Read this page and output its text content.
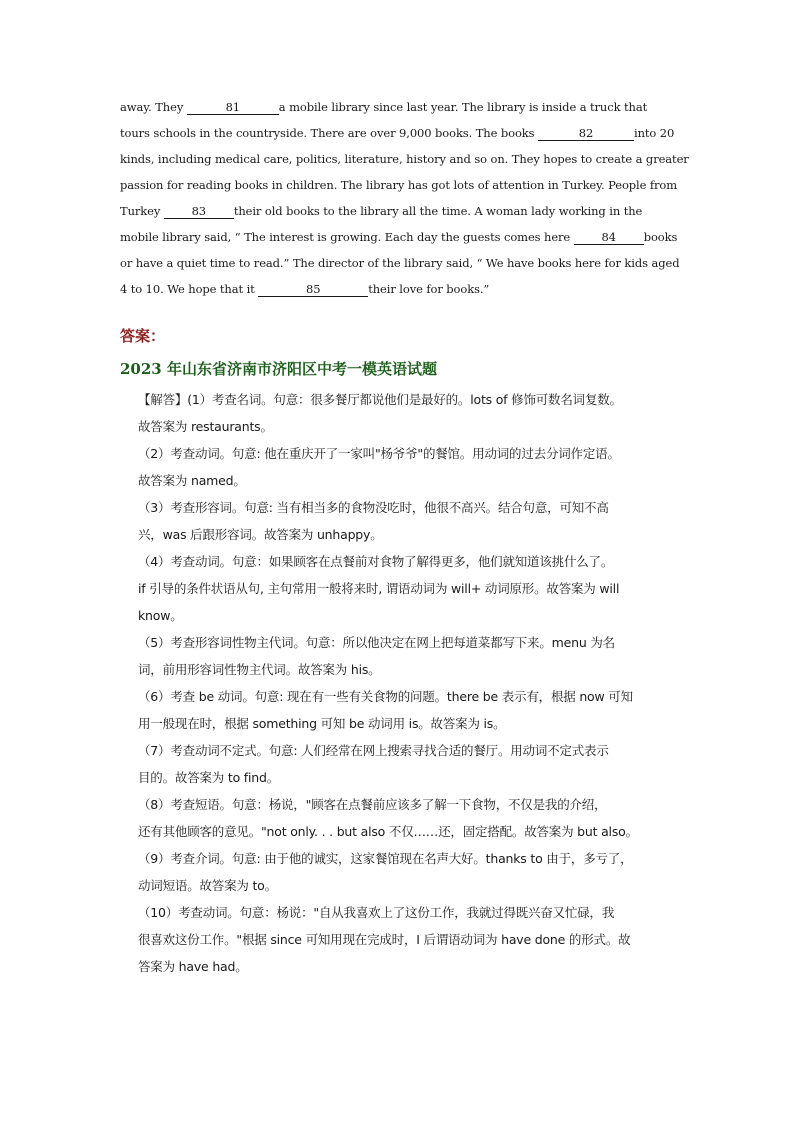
away. They	81	a mobile library since last year. The library is inside a truck that
tours schools in the countryside. There are over 9,000 books. The books	82	into 20
kinds, including medical care, politics, literature, history and so on. They hopes to create a greater
passion for reading books in children. The library has got lots of attention in Turkey. People from
Turkey 83 their old books to the library all the time. A woman lady working in the
mobile library said, “ The interest is growing. Each day the guests comes here 84 books
or have a quiet time to read.” The director of the library said, “ We have books here for kids aged
4 to 10. We hope that it	85	their love for books.”
答案：
2023 年山东省济南市济阳区中考一模英语试题
【解答】(1）考查名词。句意：很多餐厅都说他们是最好的。lots of 修饰可数名词复数。
故答案为 restaurants。
（2）考查动词。句意: 他在重庆开了一家叫"杨爷爷"的餐馆。用动词的过去分词作定语。
故答案为 named。
（3）考查形容词。句意: 当有相当多的食物没吃时，他很不高兴。结合句意，可知不高
兴，was 后跟形容词。故答案为 unhappy。
（4）考查动词。句意：如果顾客在点餐前对食物了解得更多，他们就知道该挑什么了。
if 引导的条件状语从句, 主句常用一般将来时, 谓语动词为 will+ 动词原形。故答案为 will
know。
（5）考查形容词性物主代词。句意：所以他决定在网上把每道菜都写下来。menu 为名
词，前用形容词性物主代词。故答案为 his。
（6）考查 be 动词。句意: 现在有一些有关食物的问题。there be 表示有，根据 now 可知
用一般现在时，根据 something 可知 be 动词用 is。故答案为 is。
（7）考查动词不定式。句意: 人们经常在网上搜索寻找合适的餐厅。用动词不定式表示
目的。故答案为 to find。
（8）考查短语。句意：杨说，"顾客在点餐前应该多了解一下食物，不仅是我的介绍，
还有其他顾客的意见。"not only. . . but also 不仅……还，固定搭配。故答案为 but also。
（9）考查介词。句意: 由于他的诚实，这家餐馆现在名声大好。thanks to 由于，多亏了，
动词短语。故答案为 to。
（10）考查动词。句意：杨说："自从我喜欢上了这份工作，我就过得既兴奋又忙碌，我
很喜欢这份工作。"根据 since 可知用现在完成时，I 后谓语动词为 have done 的形式。故
答案为 have had。
